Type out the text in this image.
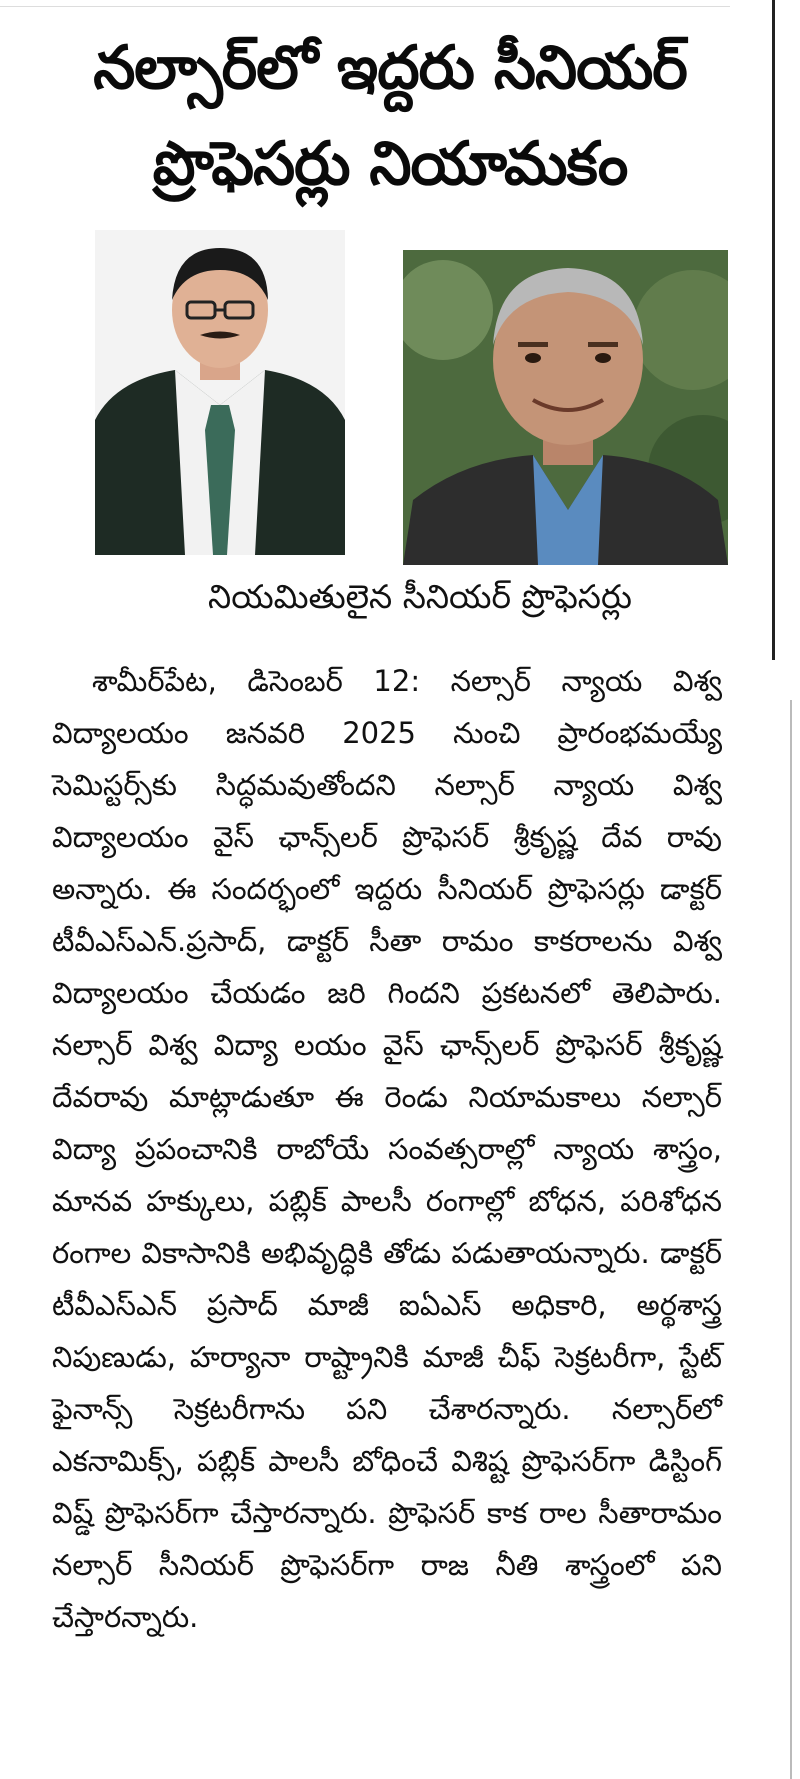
నల్సార్‌లో ఇద్దరు సీనియర్
ప్రొఫెసర్లు నియామకం
నియమితులైన సీనియర్ ప్రొఫెసర్లు

శామీర్‌పేట, డిసెంబర్ 12: నల్సార్ న్యాయ విశ్వ విద్యాలయం జనవరి 2025 నుంచి ప్రారంభమయ్యే సెమిస్టర్స్‌కు సిద్ధమవుతోందని నల్సార్ న్యాయ విశ్వ విద్యాలయం వైస్ ఛాన్స్‌లర్ ప్రొఫెసర్ శ్రీకృష్ణ దేవ రావు అన్నారు. ఈ సందర్భంలో ఇద్దరు సీనియర్ ప్రొఫెసర్లు డాక్టర్ టీవీఎస్ఎన్.ప్రసాద్, డాక్టర్ సీతా రామం కాకరాలను విశ్వ విద్యాలయం చేయడం జరి గిందని ప్రకటనలో తెలిపారు. నల్సార్ విశ్వ విద్యా లయం వైస్ ఛాన్స్‌లర్ ప్రొఫెసర్ శ్రీకృష్ణ దేవరావు మాట్లాడుతూ ఈ రెండు నియామకాలు నల్సార్ విద్యా ప్రపంచానికి రాబోయే సంవత్సరాల్లో న్యాయ శాస్త్రం, మానవ హక్కులు, పబ్లిక్ పాలసీ రంగాల్లో బోధన, పరిశోధన రంగాల వికాసానికి అభివృద్ధికి తోడు పడుతాయన్నారు. డాక్టర్ టీవీఎస్ఎన్ ప్రసాద్ మాజీ ఐఏఎస్ అధికారి, అర్థశాస్త్ర నిపుణుడు, హర్యానా రాష్ట్రానికి మాజీ చీఫ్ సెక్రటరీగా, స్టేట్ ఫైనాన్స్ సెక్రటరీగాను పని చేశారన్నారు. నల్సార్‌లో ఎకనామిక్స్, పబ్లిక్ పాలసీ బోధించే విశిష్ట ప్రొఫెసర్‌గా డిస్టింగ్ విష్డ్ ప్రొఫెసర్‌గా చేస్తారన్నారు. ప్రొఫెసర్ కాక రాల సీతారామం నల్సార్ సీనియర్ ప్రొఫెసర్‌గా రాజ నీతి శాస్త్రంలో పని చేస్తారన్నారు.
